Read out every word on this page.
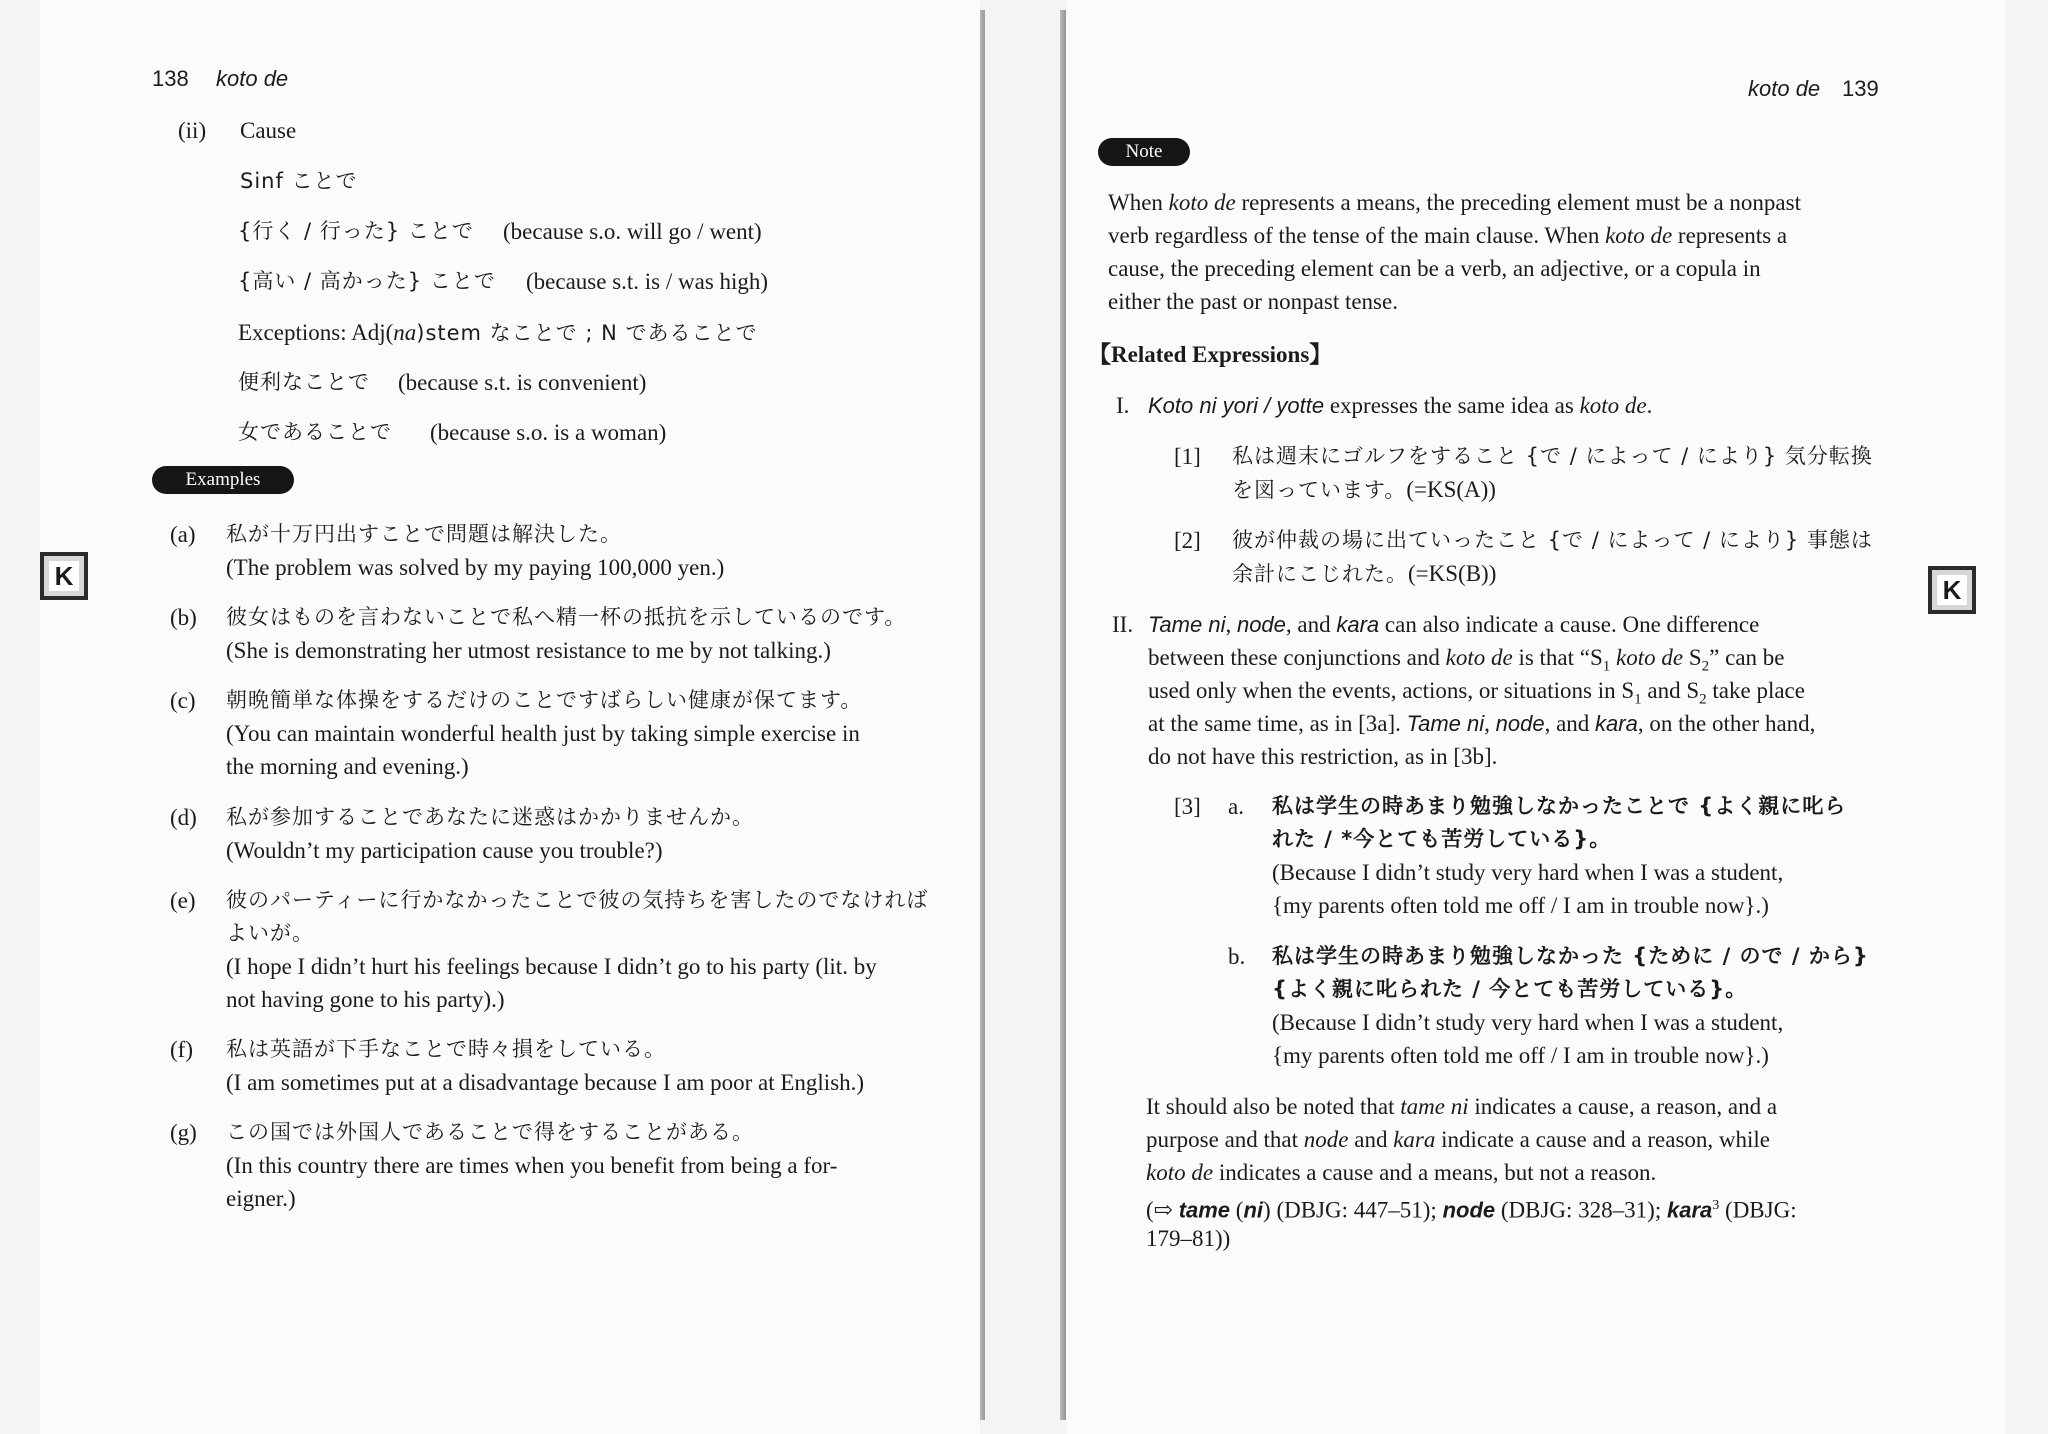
138 koto de
(ii) Cause
Sinf ことで
{行く / 行った} ことで (because s.o. will go / went)
{高い / 高かった} ことで (because s.t. is / was high)
Exceptions: Adj(na)stem なことで ; N であることで
便利なことで (because s.t. is convenient)
女であることで (because s.o. is a woman)
Examples
K
(a) 私が十万円出すことで問題は解決した。
(The problem was solved by my paying 100,000 yen.)
(b) 彼女はものを言わないことで私へ精一杯の抵抗を示しているのです。
(She is demonstrating her utmost resistance to me by not talking.)
(c) 朝晩簡単な体操をするだけのことですばらしい健康が保てます。
(You can maintain wonderful health just by taking simple exercise in
the morning and evening.)
(d) 私が参加することであなたに迷惑はかかりませんか。
(Wouldn’t my participation cause you trouble?)
(e) 彼のパーティーに行かなかったことで彼の気持ちを害したのでなければ
よいが。
(I hope I didn’t hurt his feelings because I didn’t go to his party (lit. by
not having gone to his party).)
(f) 私は英語が下手なことで時々損をしている。
(I am sometimes put at a disadvantage because I am poor at English.)
(g) この国では外国人であることで得をすることがある。
(In this country there are times when you benefit from being a for-
eigner.)
koto de 139
Note
When koto de represents a means, the preceding element must be a nonpast
verb regardless of the tense of the main clause. When koto de represents a
cause, the preceding element can be a verb, an adjective, or a copula in
either the past or nonpast tense.
【Related Expressions】
I. Koto ni yori / yotte expresses the same idea as koto de.
[1] 私は週末にゴルフをすること {で / によって / により} 気分転換
を図っています。(=KS(A))
[2] 彼が仲裁の場に出ていったこと {で / によって / により} 事態は
余計にこじれた。(=KS(B))
K
II. Tame ni, node, and kara can also indicate a cause. One difference
between these conjunctions and koto de is that “$S_1$ koto de $S_2$” can be
used only when the events, actions, or situations in $S_1$ and $S_2$ take place
at the same time, as in [3a]. Tame ni, node, and kara, on the other hand,
do not have this restriction, as in [3b].
[3] a. 私は学生の時あまり勉強しなかったことで {よく親に叱ら
れた / *今とても苦労している}。
(Because I didn’t study very hard when I was a student,
{my parents often told me off / I am in trouble now}.)
b. 私は学生の時あまり勉強しなかった {ために / ので / から}
{よく親に叱られた / 今とても苦労している}。
(Because I didn’t study very hard when I was a student,
{my parents often told me off / I am in trouble now}.)
It should also be noted that tame ni indicates a cause, a reason, and a
purpose and that node and kara indicate a cause and a reason, while
koto de indicates a cause and a means, but not a reason.
(⇨ tame (ni) (DBJG: 447–51); node (DBJG: 328–31); kara$^3$ (DBJG:
179–81))
